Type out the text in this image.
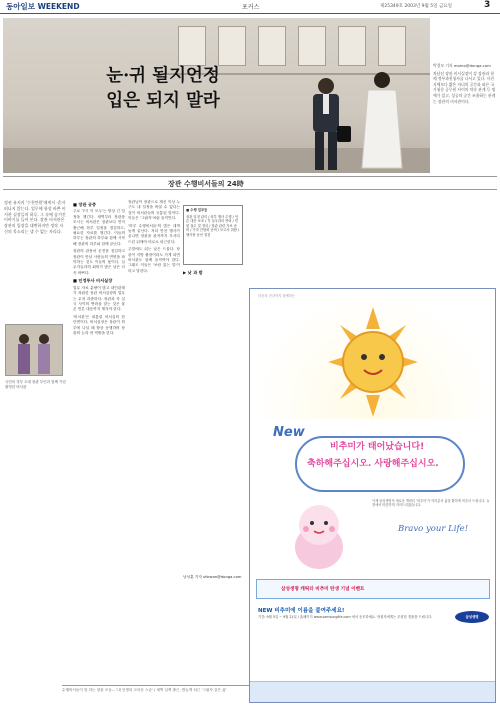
동아일보 WEEKEND	포커스	제25349호 2003년 9월 5일 금요일	3
눈·귀 될지언정
입은 되지 말라
박경모 기자 momo@donga.com
차남선 장관 비서실장이 강 장관과 함께 정부과천청사를 나서고 있다. 사진 자체보다 짧은 자녀의 공간과 따른 국가청문 공무원 사이의 약속 관계 등 명예가 있고, 성공의 공간 조율하는 관계는 장관의 비서관이다.
장관 수행비서들의 24時
정권 유지의 '수천만원'에게서 ·혼자 떠나지 않는다. 업무에 항상 바쁜 비서관 실장들의 하루, 그 속에 숨겨진 이야기를 들어 본다. 장관 비서관은 장관의 입장을 대변하지만 정작 자신의 목소리는 낼 수 없는 자리다.
국민의 정부 초대 장관 부인과 함께 기념촬영한 비서관

■ 장관 공증

주로 '7시 이 모두'는 항상 긴 일정을 챙긴다. 새벽부터 장관을 모시는 비서관은 장관보다 먼저 출근해 하루 일정을 점검하고, 필요한 자료를 챙긴다. 이들의 하루는 장관의 하루와 함께 시작해 장관의 하루와 함께 끝난다.

장관의 관용차 운전을 점검하고 장관이 만날 사람들의 면면을 파악하는 것도 이들의 몫이다. 실무자들과의 회의가 많은 날은 더욱 바쁘다.

■ 인정투사 비서실장

업무 자료 분량이 많고 대인관계가 복잡한 장관 비서실장의 업무는 무척 과중하다. 장관과 각 실국 사이의 연락을 맡는 것은 물론 언론 대응까지 챙겨야 한다.

'비서관'은 대통령 비서실의 한 단면이다. 비서실장은 장관이 외부에 나설 때 항상 동행하며 장관의 눈과 귀 역할을 한다.

장관님이 장관으로 계신 이상 누구도 내 일정을 바꿀 수 없다는 것이 비서관들의 공통된 말이다. 이들은 '그림자'처럼 움직인다.

'하루 수행비서들'의 밤은 대개 늦게 끝난다. 저녁 만찬 행사가 끝나면 장관을 관저까지 모셔다 드린 뒤에야 비로소 퇴근한다.

주말에도 쉬는 날은 드물다. 장관이 지방 출장이라도 가게 되면 비서관도 함께 움직여야 한다. 그래도 이들은 '보람 있는 일'이라고 말한다.

■ 수행 업무들
장관 일정 관리 / 외부 행사 수행 / 언론 대응 보조 / 각 실국과의 연락 / 민원 접수 및 정리 / 장관 관련 자료 준비 / 기자 간담회 준비 / 보고서 취합 / 행사장 동선 점검

▶ 낮 과 밤

남성훈 기자 shkwon@donga.com

수행비서들이 말 하는 장관 모습... '내 인생의 고마운 스승' / 새벽 일찍 출근, 밤늦게 퇴근 '그림자 같은 삶'
마음의 건강까지 함께하는
New
비추미가 태어났습니다!
축하해주십시오. 사랑해주십시오.
이제 삼성생명의 새로운 캐릭터 '비추미'가 여러분의 삶을 환하게 비추어 드립니다. 늘 곁에서 따뜻하게 지켜드리겠습니다.
Bravo your Life!
삼성생명 캐릭터 비추미 탄생 기념 이벤트
NEW 비추미에 이름을 붙여주세요!
기간: 9월 5일 ~ 9월 21일 / 홈페이지 www.samsunglife.com 에서 응모하세요. 당첨자에게는 푸짐한 경품을 드립니다.	삼성생명
